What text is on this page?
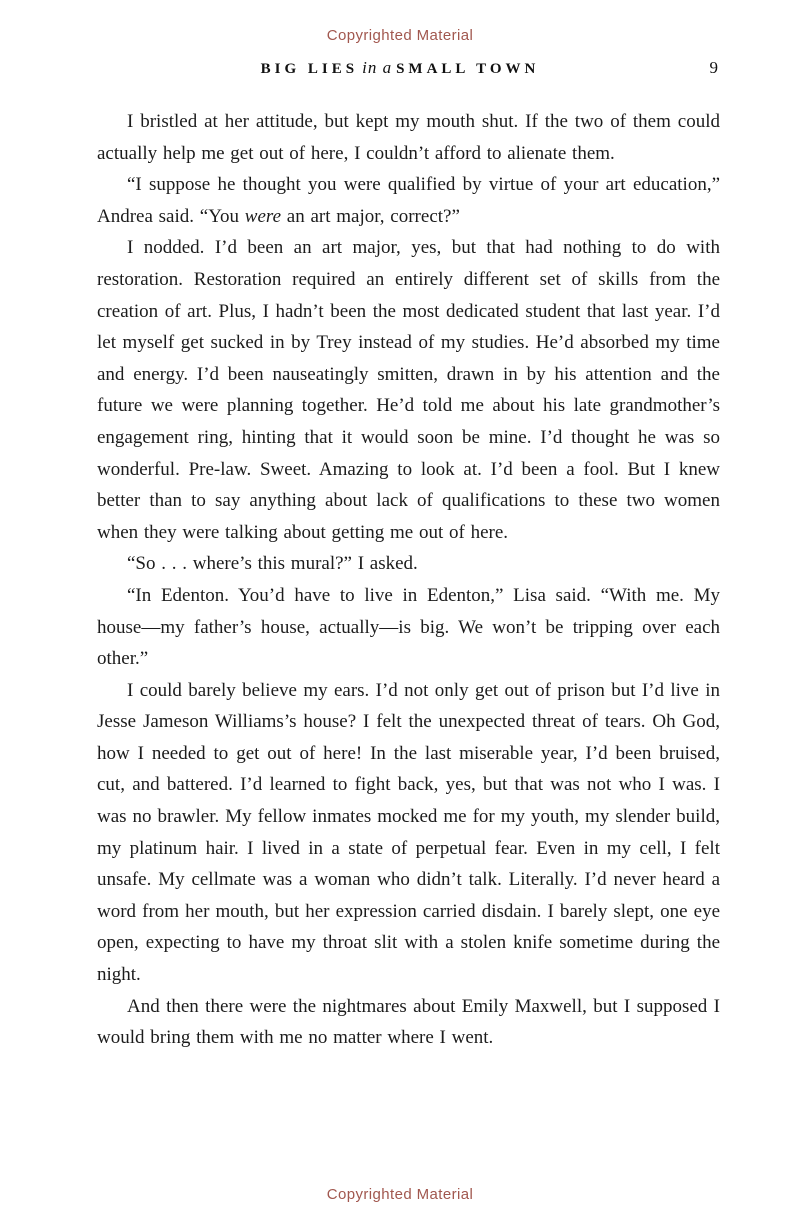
Copyrighted Material
BIG LIES in a SMALL TOWN	9

I bristled at her attitude, but kept my mouth shut. If the two of them could actually help me get out of here, I couldn’t afford to alienate them.

“I suppose he thought you were qualified by virtue of your art education,” Andrea said. “You were an art major, correct?”

I nodded. I’d been an art major, yes, but that had nothing to do with restoration. Restoration required an entirely different set of skills from the creation of art. Plus, I hadn’t been the most dedicated student that last year. I’d let myself get sucked in by Trey instead of my studies. He’d absorbed my time and energy. I’d been nauseatingly smitten, drawn in by his attention and the future we were planning together. He’d told me about his late grandmother’s engagement ring, hinting that it would soon be mine. I’d thought he was so wonderful. Pre-law. Sweet. Amazing to look at. I’d been a fool. But I knew better than to say anything about lack of qualifications to these two women when they were talking about getting me out of here.

“So . . . where’s this mural?” I asked.

“In Edenton. You’d have to live in Edenton,” Lisa said. “With me. My house—my father’s house, actually—is big. We won’t be tripping over each other.”

I could barely believe my ears. I’d not only get out of prison but I’d live in Jesse Jameson Williams’s house? I felt the unexpected threat of tears. Oh God, how I needed to get out of here! In the last miserable year, I’d been bruised, cut, and battered. I’d learned to fight back, yes, but that was not who I was. I was no brawler. My fellow inmates mocked me for my youth, my slender build, my platinum hair. I lived in a state of perpetual fear. Even in my cell, I felt unsafe. My cellmate was a woman who didn’t talk. Literally. I’d never heard a word from her mouth, but her expression carried disdain. I barely slept, one eye open, expecting to have my throat slit with a stolen knife sometime during the night.

And then there were the nightmares about Emily Maxwell, but I supposed I would bring them with me no matter where I went.

Copyrighted Material
